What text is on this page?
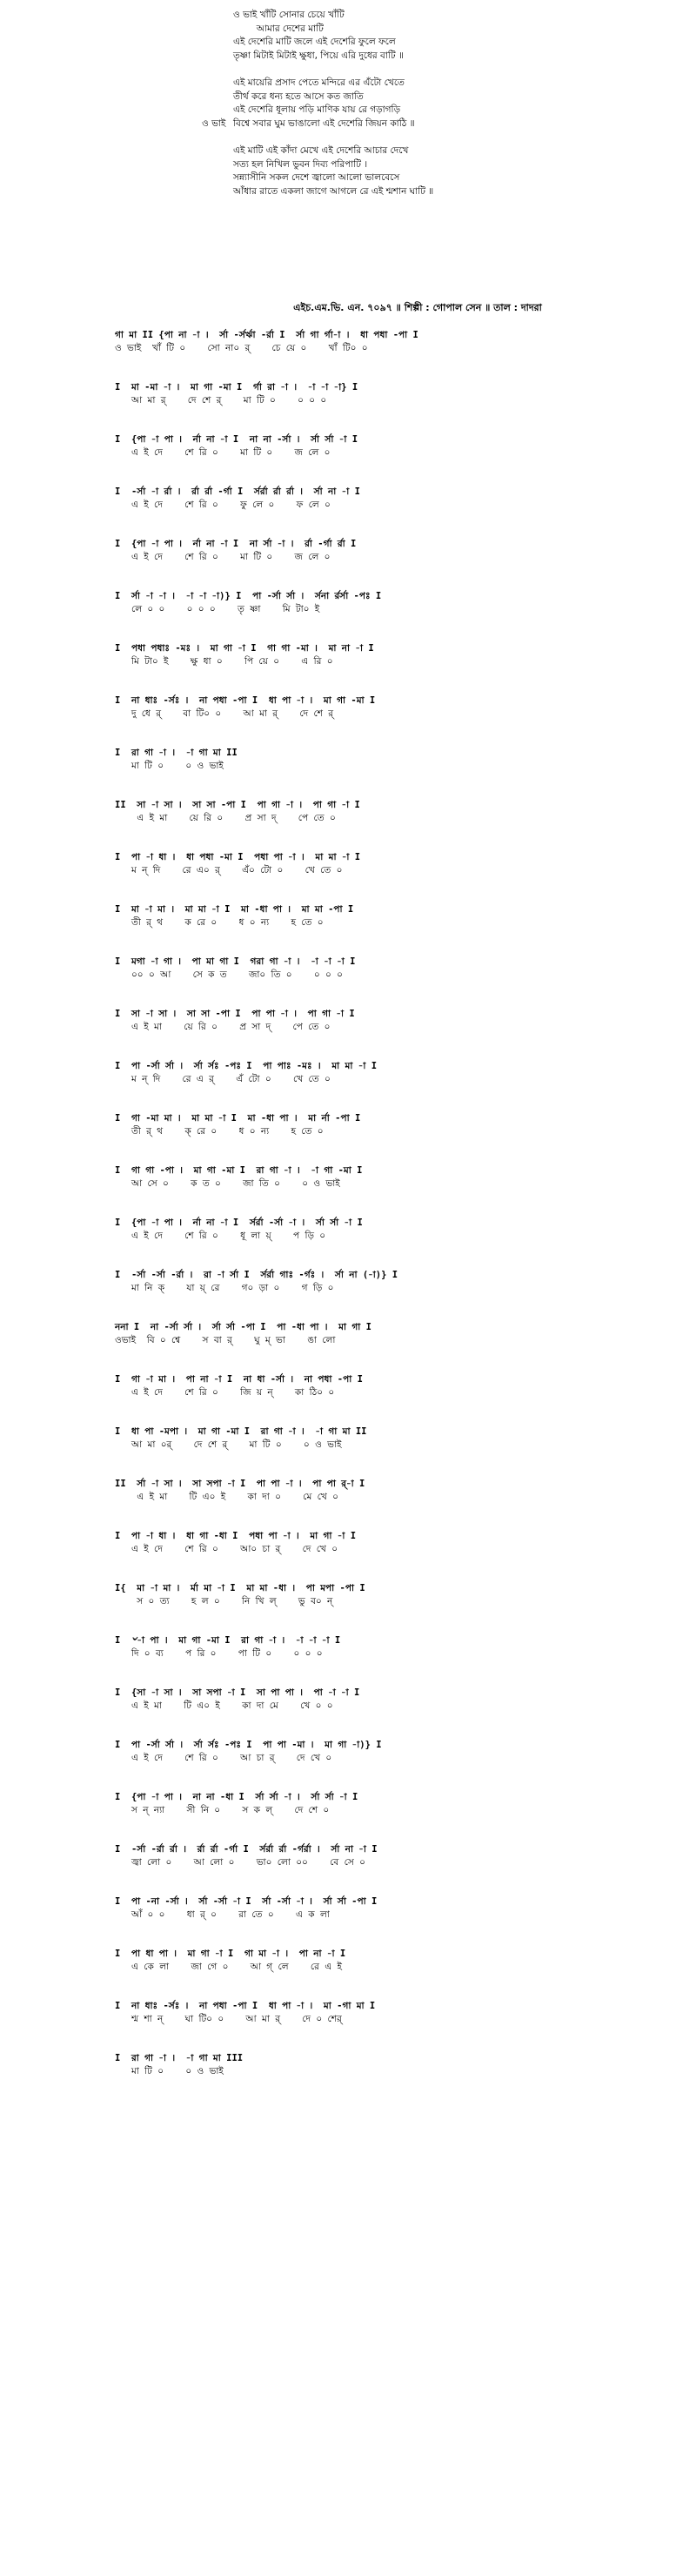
ও ভাই খাঁটি সোনার চেয়ে খাঁটি
আমার দেশের মাটি
এই দেশেরি মাটি জলে এই দেশেরি ফুলে ফলে
তৃষ্ণা মিটাই মিটাই ক্ষুধা, পিয়ে এরি দুধের বাটি ॥
এই মায়েরি প্রসাদ পেতে মন্দিরে এর এঁটো খেতে
তীর্থ করে ধন্য হতে আসে কত জাতি
এই দেশেরি ধূলায় পড়ি মাণিক যায় রে গড়াগড়ি
ও ভাই বিশ্বে সবার ঘুম ভাঙালো এই দেশেরি জিয়ন কাঠি ॥
এই মাটি এই কাঁদা মেখে এই দেশেরি আচার দেখে
সত্য হল নিখিল ভুবন দিব্য পরিপাটি ।
সন্ন্যাসীনি সকল দেশে জ্বালো আলো ভালবেসে
আঁধার রাতে একলা জাগে আগলে রে এই শ্মশান ঘাটি ॥
এইচ.এম.ভি. এন. ৭০৯৭ ॥ শিল্পী : গোপাল সেন ॥ তাল : দাদরা
গা মা II {পা না -া ।  র্সা -র্সর্ঋা -র্রা I  র্সা গা র্গা-া ।  ধা পধা -পা I
ও ভাই  খাঁ টি ০    সো না০ র্    চে য়ে ০    খাঁ টি০ ০
I  মা -মা -া ।  মা গা -মা I  র্গা রা -া ।  -া -া -া} I
আ মা র্    দে শে র্    মা টি ০    ০ ০ ০
I  {পা -া পা ।  র্না না -া I  না না -র্সা ।  র্সা র্সা -া I
এ ই দে    শে রি ০    মা টি ০    জ লে ০
I  -র্সা -া র্রা ।  র্রা র্রা -র্গা I  র্সর্রা র্রা র্রা ।  র্সা না -া I
এ ই দে    শে রি ০    ফু লে ০    ফ লে ০
I  {পা -া পা ।  র্না না -া I  না র্সা -া ।  র্রা -র্গা র্রা I
এ ই দে    শে রি ০    মা টি ০    জ লে ০
I  র্সা -া -া ।  -া -া -া)} I  পা -র্সা র্সা ।  র্সনা র্রর্সা -পঃ I
লে ০ ০    ০ ০ ০    তৃ ষ্ণা    মি টা০ ই
I  পধা পধাঃ -মঃ ।  মা গা -া I  গা গা -মা ।  মা না -া I
মি টা০ ই    ক্ষু ধা ০    পি য়ে ০    এ রি ০
I  না ধাঃ -র্সঃ ।  না পধা -পা I  ধা পা -া ।  মা গা -মা I
দু ধে র্    বা টি০ ০    আ মা র্    দে শে র্
I  রা গা -া ।  -া গা মা II
মা টি ০    ০ ও ভাই
II  সা -া সা ।  সা সা -পা I  পা গা -া ।  পা গা -া I
এ ই মা    য়ে রি ০    প্র সা দ্    পে তে ০
I  পা -া ধা ।  ধা পধা -মা I  পধা পা -া ।  মা মা -া I
ম ন্ দি    রে এ০ র্    এঁ০ টো ০    খে তে ০
I  মা -া মা ।  মা মা -া I  মা -ধা পা ।  মা মা -পা I
তী র্ থ    ক রে ০    ধ ০ ন্য    হ তে ০
I  মগা -া গা ।  পা মা গা I  গরা গা -া ।  -া -া -া I
০০ ০ আ    সে ক ত    জা০ তি ০    ০ ০ ০
I  সা -া সা ।  সা সা -পা I  পা পা -া ।  পা গা -া I
এ ই মা    য়ে রি ০    প্র সা দ্    পে তে ০
I  পা -র্সা র্সা ।  র্সা র্সঃ -পঃ I  পা পাঃ -মঃ ।  মা মা -া I
ম ন্ দি    রে এ র্    এঁ টো ০    খে তে ০
I  গা -মা মা ।  মা মা -া I  মা -ধা পা ।  মা র্না -পা I
তী র্ থ    ক্ রে ০    ধ ০ ন্য    হ তে ০
I  গা গা -পা ।  মা গা -মা I  রা গা -া ।  -া গা -মা I
আ সে ০    ক ত ০    জা তি ০    ০ ও ভাই
I  {পা -া পা ।  র্না না -া I  র্সর্রা -র্সা -া ।  র্সা র্সা -া I
এ ই দে    শে রি ০    ধূ লা য়্    প ড়ি ০
I  -র্সা -র্সা -র্রা ।  রা -া র্সা I  র্সর্রা গাঃ -র্গঃ ।  র্সা না (-া)} I
মা নি ক্    যা য়্ রে    গ০ ড়া ০    গ ড়ি ০
ননা I  না -র্সা র্সা ।  র্সা র্সা -পা I  পা -ধা পা ।  মা গা I
ওভাই  বি ০ শ্বে    স বা র্    ঘু ম্ ভা    ঙা লো
I  গা -া মা ।  পা না -া I  না ধা -র্সা ।  না পধা -পা I
এ ই দে    শে রি ০    জি য় ন্    কা ঠি০ ০
I  ধা পা -মপা ।  মা গা -মা I  রা গা -া ।  -া গা মা II
আ মা ০র্    দে শে র্    মা টি ০    ০ ও ভাই
II  র্সা -া সা ।  সা সপা -া I  পা পা -া ।  পা পা র্-া I
এ ই মা    টি এ০ ই    কা দা ০    মে খে ০
I  পা -া ধা ।  ধা গা -ধা I  পধা পা -া ।  মা গা -া I
এ ই দে    শে রি ০    আ০ চা র্    দে খে ০
I{  মা -া মা ।  র্মা মা -া I  মা মা -ধা ।  পা মপা -পা I
স ০ ত্য    হ ল ০    নি খি ল্    ভু ব০ ন্
I  ৺-া পা ।  মা গা -মা I  রা গা -া ।  -া -া -া I
দি ০ ব্য    প রি ০    পা টি ০    ০ ০ ০
I  {সা -া সা ।  সা সপা -া I  সা পা পা ।  পা -া -া I
এ ই মা    টি এ০ ই    কা দা মে    খে ০ ০
I  পা -র্সা র্সা ।  র্সা র্সঃ -পঃ I  পা পা -মা ।  মা গা -া)} I
এ ই দে    শে রি ০    আ চা র্    দে খে ০
I  {পা -া পা ।  না না -ধা I  র্সা র্সা -া ।  র্সা র্সা -া I
স ন্ ন্যা    সী নি ০    স ক ল্    দে শে ০
I  -র্সা -র্রা র্রা ।  র্রা র্রা -র্গা I  র্সর্রা র্রা -র্গর্রা ।  র্সা না -া I
জ্বা লো ০    আ লো ০    ভা০ লো ০০    বে সে ০
I  পা -না -র্সা ।  র্সা -র্সা -া I  র্সা -র্সা -া ।  র্সা র্সা -পা I
আঁ ০ ০    ধা র্ ০    রা তে ০    এ ক লা
I  পা ধা পা ।  মা গা -া I  গা মা -া ।  পা না -া I
এ কে লা    জা গে ০    আ গ্ লে    রে এ ই
I  না ধাঃ -র্সঃ ।  না পধা -পা I  ধা পা -া ।  মা -গা মা I
শ্ম শা ন্    ঘা টি০ ০    আ মা র্    দে ০ শের্
I  রা গা -া ।  -া গা মা III
মা টি ০    ০ ও ভাই
